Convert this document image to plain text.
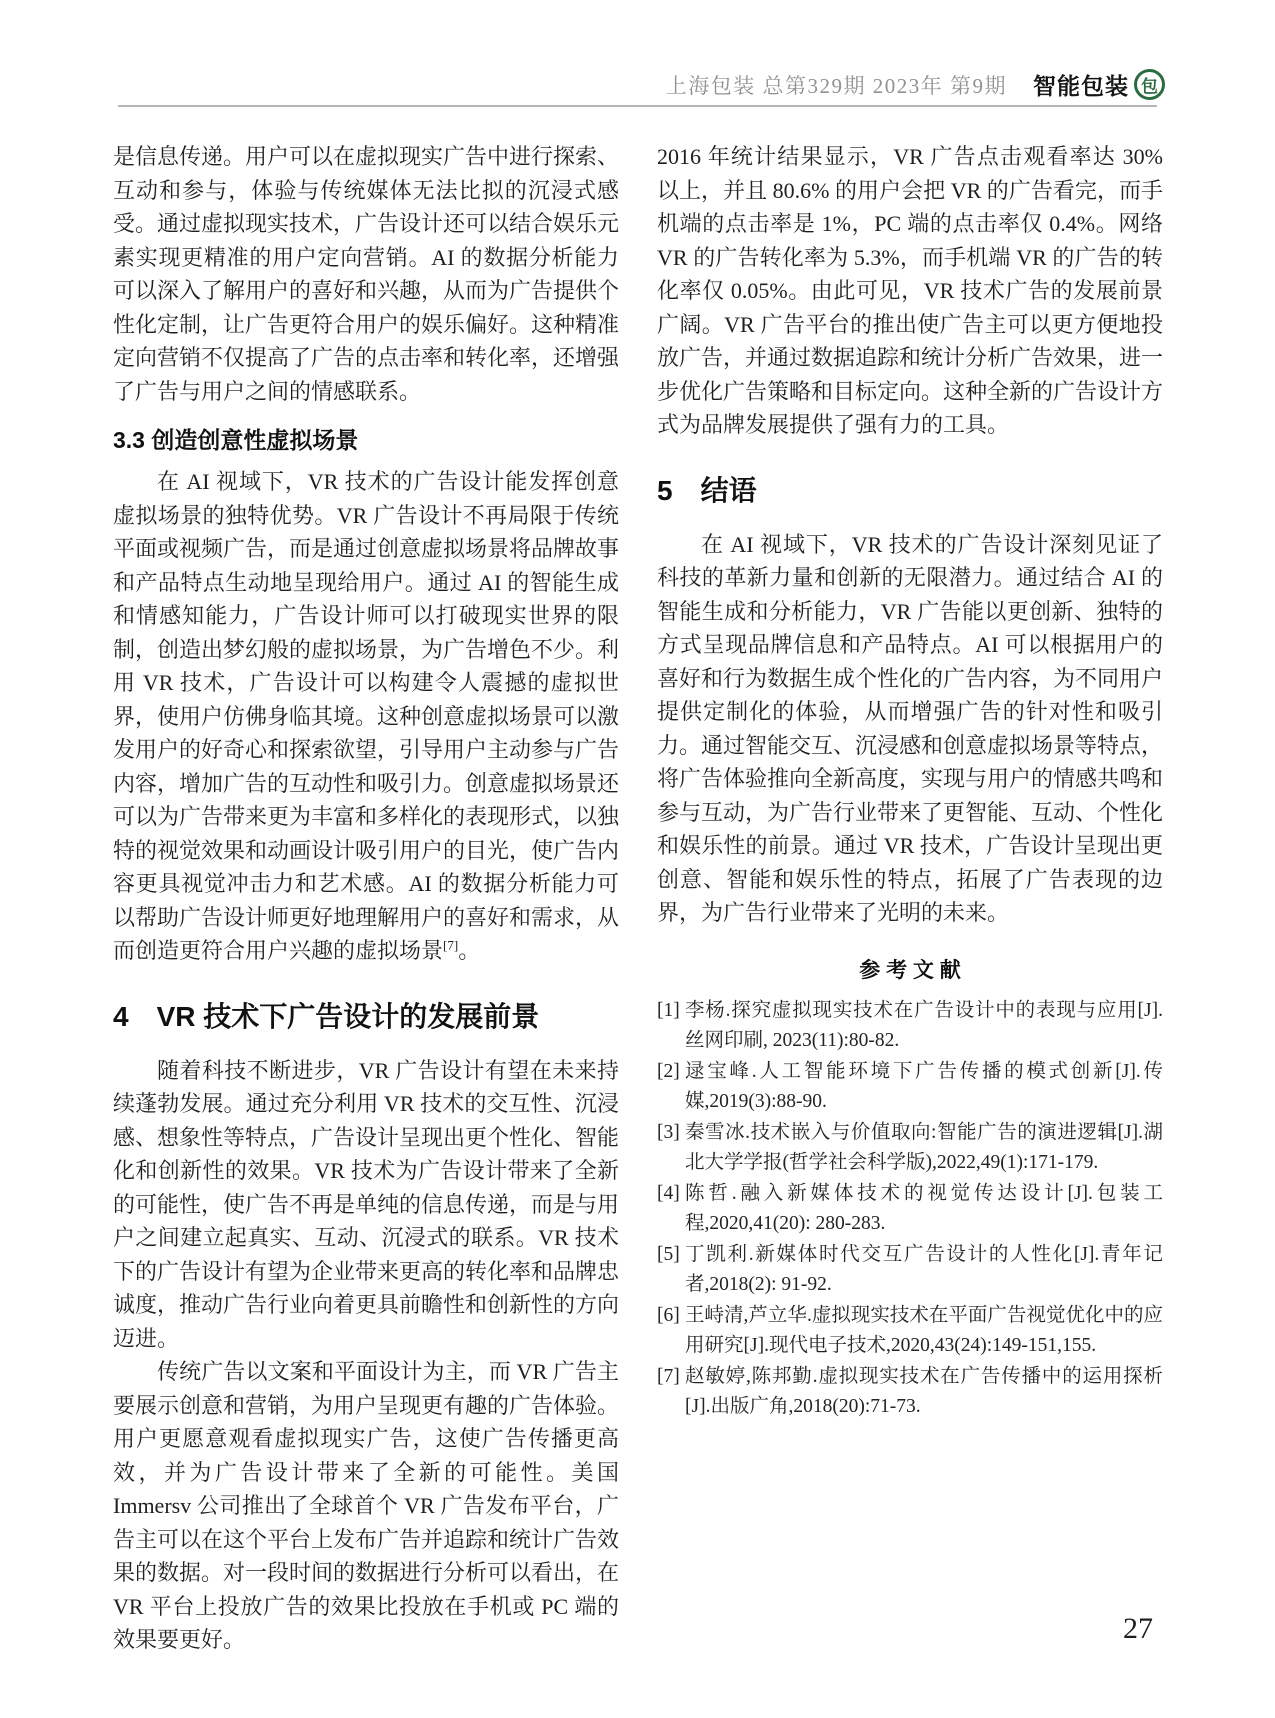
上海包装 总第329期 2023年 第9期 智能包装 包

是信息传递。用户可以在虚拟现实广告中进行探索、互动和参与，体验与传统媒体无法比拟的沉浸式感受。通过虚拟现实技术，广告设计还可以结合娱乐元素实现更精准的用户定向营销。AI 的数据分析能力可以深入了解用户的喜好和兴趣，从而为广告提供个性化定制，让广告更符合用户的娱乐偏好。这种精准定向营销不仅提高了广告的点击率和转化率，还增强了广告与用户之间的情感联系。

3.3 创造创意性虚拟场景

在 AI 视域下，VR 技术的广告设计能发挥创意虚拟场景的独特优势。VR 广告设计不再局限于传统平面或视频广告，而是通过创意虚拟场景将品牌故事和产品特点生动地呈现给用户。通过 AI 的智能生成和情感知能力，广告设计师可以打破现实世界的限制，创造出梦幻般的虚拟场景，为广告增色不少。利用 VR 技术，广告设计可以构建令人震撼的虚拟世界，使用户仿佛身临其境。这种创意虚拟场景可以激发用户的好奇心和探索欲望，引导用户主动参与广告内容，增加广告的互动性和吸引力。创意虚拟场景还可以为广告带来更为丰富和多样化的表现形式，以独特的视觉效果和动画设计吸引用户的目光，使广告内容更具视觉冲击力和艺术感。AI 的数据分析能力可以帮助广告设计师更好地理解用户的喜好和需求，从而创造更符合用户兴趣的虚拟场景[7]。

4 VR 技术下广告设计的发展前景

随着科技不断进步，VR 广告设计有望在未来持续蓬勃发展。通过充分利用 VR 技术的交互性、沉浸感、想象性等特点，广告设计呈现出更个性化、智能化和创新性的效果。VR 技术为广告设计带来了全新的可能性，使广告不再是单纯的信息传递，而是与用户之间建立起真实、互动、沉浸式的联系。VR 技术下的广告设计有望为企业带来更高的转化率和品牌忠诚度，推动广告行业向着更具前瞻性和创新性的方向迈进。

传统广告以文案和平面设计为主，而 VR 广告主要展示创意和营销，为用户呈现更有趣的广告体验。用户更愿意观看虚拟现实广告，这使广告传播更高效，并为广告设计带来了全新的可能性。美国 Immersv 公司推出了全球首个 VR 广告发布平台，广告主可以在这个平台上发布广告并追踪和统计广告效果的数据。对一段时间的数据进行分析可以看出，在 VR 平台上投放广告的效果比投放在手机或 PC 端的效果要更好。

2016 年统计结果显示，VR 广告点击观看率达 30% 以上，并且 80.6% 的用户会把 VR 的广告看完，而手机端的点击率是 1%，PC 端的点击率仅 0.4%。网络 VR 的广告转化率为 5.3%，而手机端 VR 的广告的转化率仅 0.05%。由此可见，VR 技术广告的发展前景广阔。VR 广告平台的推出使广告主可以更方便地投放广告，并通过数据追踪和统计分析广告效果，进一步优化广告策略和目标定向。这种全新的广告设计方式为品牌发展提供了强有力的工具。

5 结语

在 AI 视域下，VR 技术的广告设计深刻见证了科技的革新力量和创新的无限潜力。通过结合 AI 的智能生成和分析能力，VR 广告能以更创新、独特的方式呈现品牌信息和产品特点。AI 可以根据用户的喜好和行为数据生成个性化的广告内容，为不同用户提供定制化的体验，从而增强广告的针对性和吸引力。通过智能交互、沉浸感和创意虚拟场景等特点，将广告体验推向全新高度，实现与用户的情感共鸣和参与互动，为广告行业带来了更智能、互动、个性化和娱乐性的前景。通过 VR 技术，广告设计呈现出更创意、智能和娱乐性的特点，拓展了广告表现的边界，为广告行业带来了光明的未来。

参 考 文 献
[1] 李杨.探究虚拟现实技术在广告设计中的表现与应用[J].丝网印刷, 2023(11):80-82.
[2] 逯宝峰.人工智能环境下广告传播的模式创新[J].传媒,2019(3):88-90.
[3] 秦雪冰.技术嵌入与价值取向:智能广告的演进逻辑[J].湖北大学学报(哲学社会科学版),2022,49(1):171-179.
[4] 陈哲.融入新媒体技术的视觉传达设计[J].包装工程,2020,41(20): 280-283.
[5] 丁凯利.新媒体时代交互广告设计的人性化[J].青年记者,2018(2): 91-92.
[6] 王峙清,芦立华.虚拟现实技术在平面广告视觉优化中的应用研究[J].现代电子技术,2020,43(24):149-151,155.
[7] 赵敏婷,陈邦勤.虚拟现实技术在广告传播中的运用探析[J].出版广角,2018(20):71-73.
27
